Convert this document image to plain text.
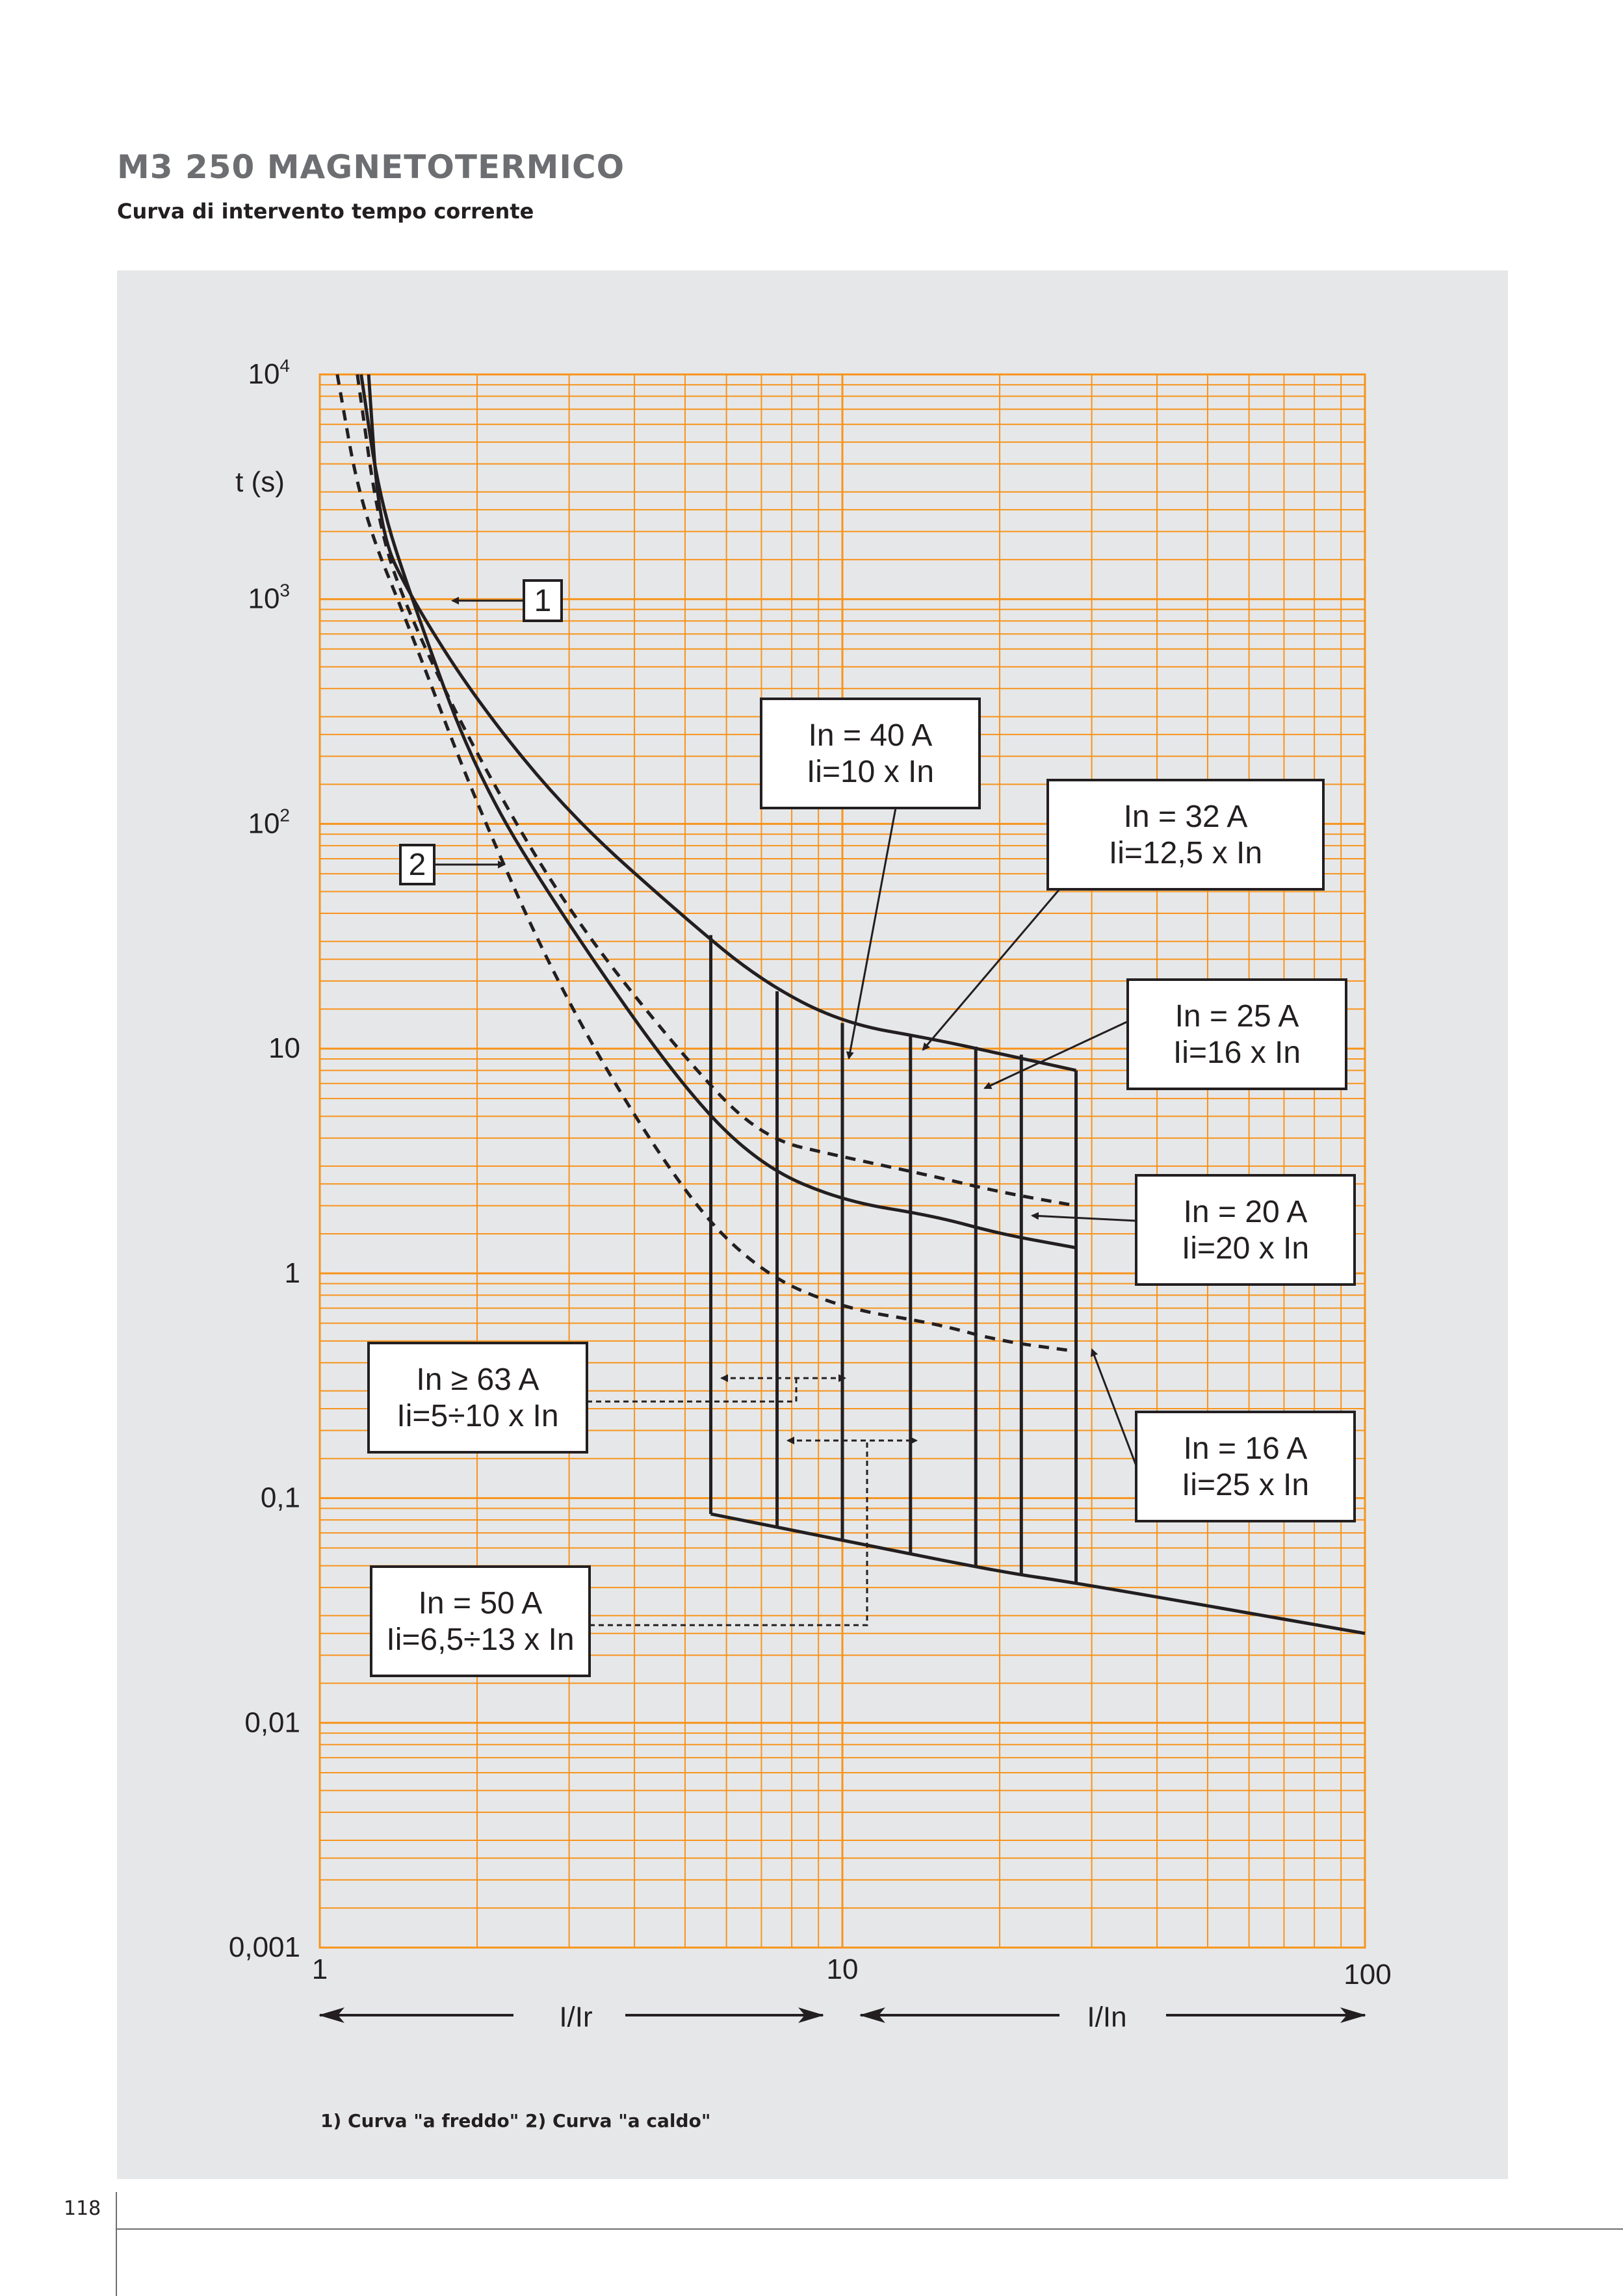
M3 250 MAGNETOTERMICO
Curva di intervento tempo corrente
1
2
In = 40 A
Ii=10 x In
In = 32 A
Ii=12,5 x In
In = 25 A
Ii=16 x In
In = 20 A
Ii=20 x In
In = 16 A
Ii=25 x In
In ≥ 63 A
Ii=5÷10 x In
In = 50 A
Ii=6,5÷13 x In
1	10	100
$10^4$
$10^3$
$10^2$
10
1
0,1
0,01
0,001
t (s)
I/Ir	I/In
1) Curva "a freddo" 2) Curva "a caldo"
118
